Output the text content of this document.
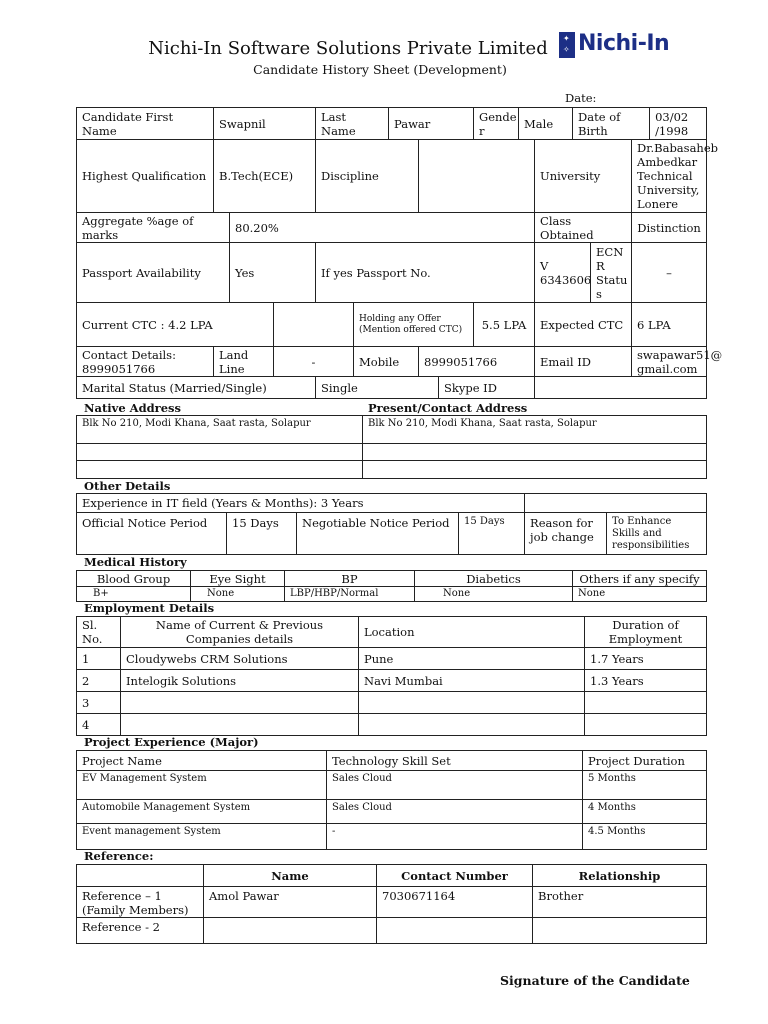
Nichi-In Software Solutions Private Limited
Candidate History Sheet (Development)
✦
✧ Nichi-In
Date:
Candidate First Name	Swapnil			Last Name		Pawar			Gende r	Male		Date of Birth			03/02 /1998
Highest Qualification	B.Tech(ECE)			Discipline							University			Dr.Babasaheb Ambedkar Technical University, Lonere	
Aggregate %age of marks		80.20%									Class Obtained			Distinction	
Passport Availability		Yes		If yes Passport No.							V 6343606		ECN R Statu s	–	
Current CTC : 4.2 LPA					Holding any Offer (Mention offered CTC)				5.5 LPA		Expected CTC			6 LPA	
Contact Details: 8999051766	Land Line		-		Mobile		8999051766				Email ID			swapawar51@ gmail.com	
Marital Status (Married/Single)				Single				Skype ID							
Native Address	Present/Contact Address
Blk No 210, Modi Khana, Saat rasta, Solapur	Blk No 210, Modi Khana, Saat rasta, Solapur

Other Details
Experience in IT field (Years & Months): 3 Years					
Official Notice Period	15 Days	Negotiable Notice Period	15 Days	Reason for job change	To Enhance Skills and responsibilities
Medical History
Blood Group	Eye Sight	BP	Diabetics	Others if any specify
B+	None	LBP/HBP/Normal	None	None
Employment Details
Sl. No.	Name of Current & Previous Companies details	Location	Duration of Employment
1	Cloudywebs CRM Solutions	Pune	1.7 Years
2	Intelogik Solutions	Navi Mumbai	1.3 Years
3			
4			
Project Experience (Major)
Project Name	Technology Skill Set	Project Duration
EV Management System	Sales Cloud	5 Months
Automobile Management System	Sales Cloud	4 Months
Event management System	-	4.5 Months
Reference:
	Name	Contact Number	Relationship
Reference – 1 (Family Members)	Amol Pawar	7030671164	Brother
Reference - 2			
Signature of the Candidate
